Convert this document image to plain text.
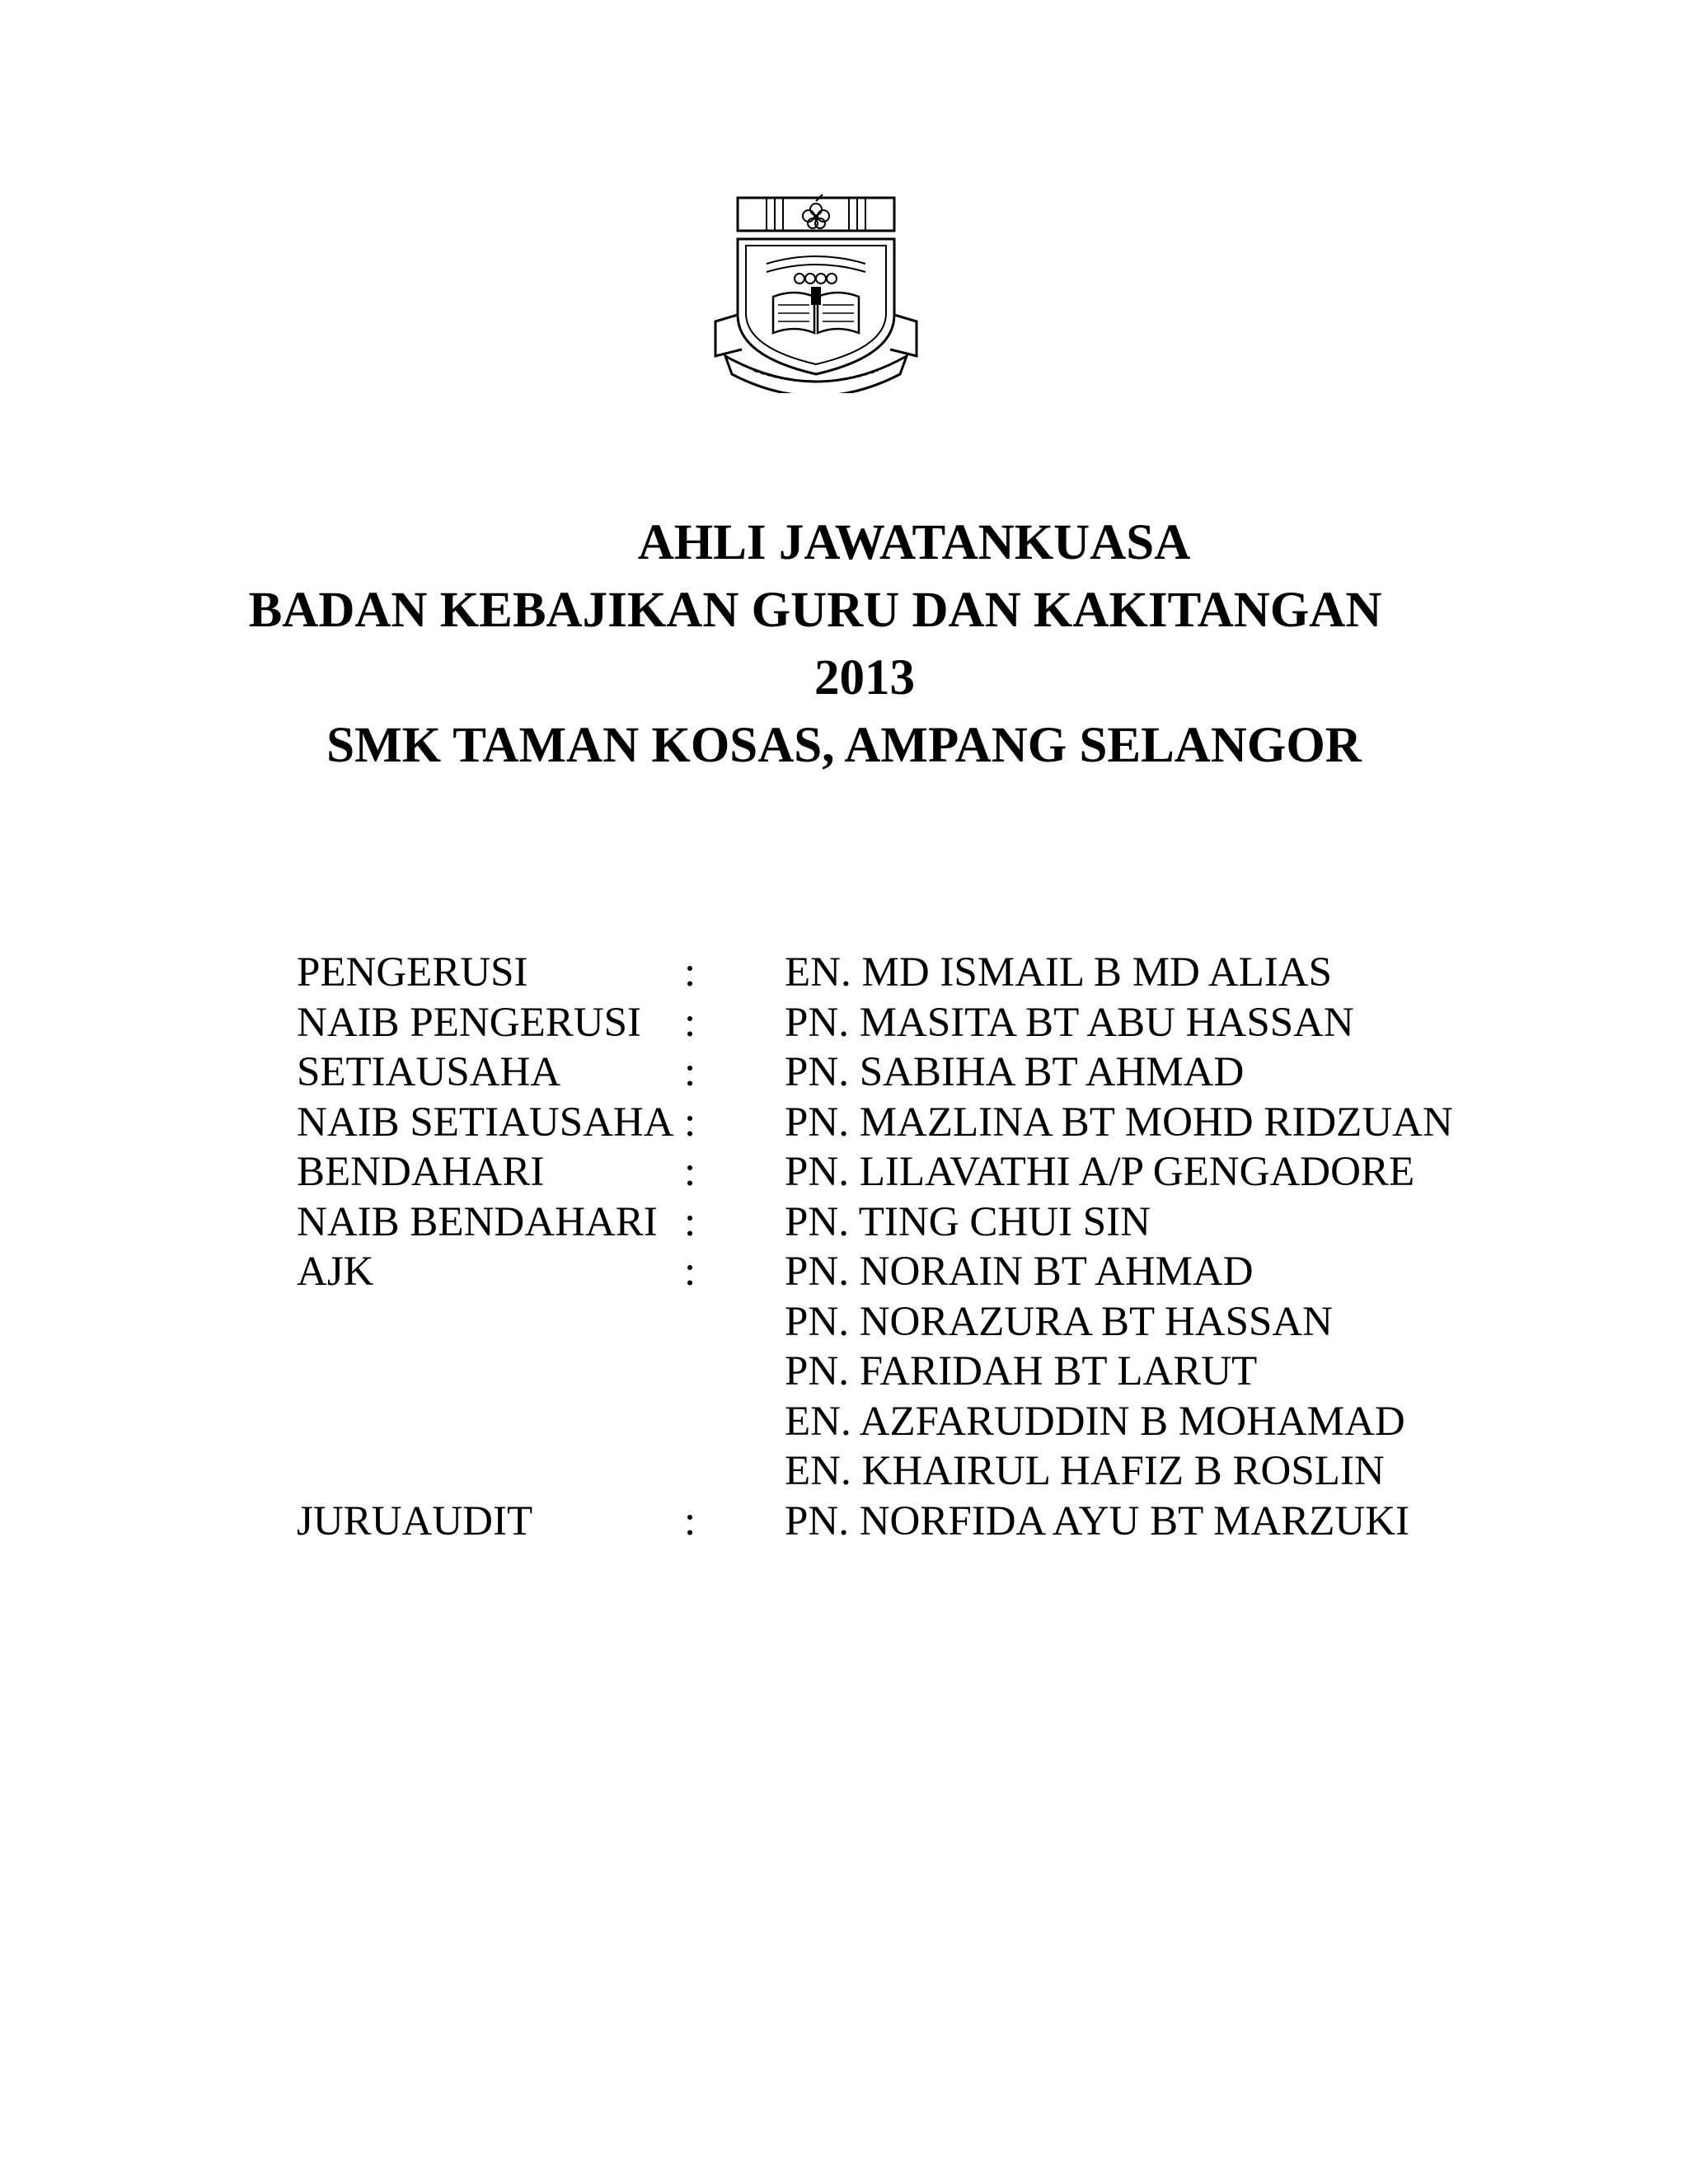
AHLI JAWATANKUASA
BADAN KEBAJIKAN GURU DAN KAKITANGAN
2013
SMK TAMAN KOSAS, AMPANG SELANGOR
PENGERUSI	: EN. MD ISMAIL B MD ALIAS
NAIB PENGERUSI : PN. MASITA BT ABU HASSAN
SETIAUSAHA	: PN. SABIHA BT AHMAD
NAIB SETIAUSAHA : PN. MAZLINA BT MOHD RIDZUAN
BENDAHARI	: PN. LILAVATHI A/P GENGADORE
NAIB BENDAHARI : PN. TING CHUI SIN
AJK	: PN. NORAIN BT AHMAD
PN. NORAZURA BT HASSAN
PN. FARIDAH BT LARUT
EN. AZFARUDDIN B MOHAMAD
EN. KHAIRUL HAFIZ B ROSLIN
JURUAUDIT	: PN. NORFIDA AYU BT MARZUKI
